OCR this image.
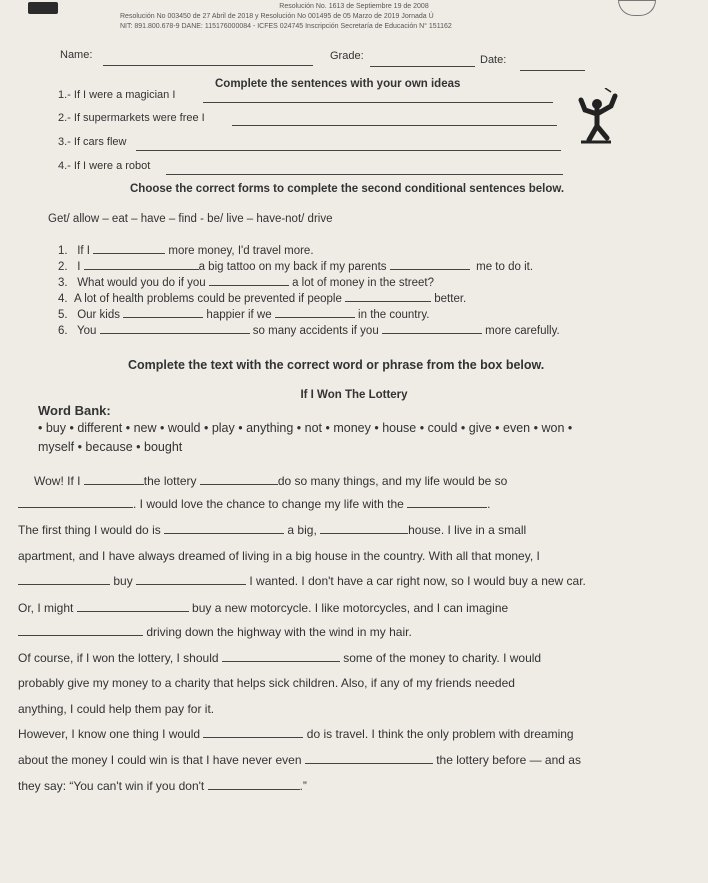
Resolución No. 1613 de Septiembre 19 de 2008
Resolución No 003450 de 27 Abril de 2018 y Resolución No 001495 de 05 Marzo de 2019 Jornada Ú
NIT: 891.800.678-9 DANE: 115176000084 - ICFES 024745 Inscripción Secretaría de Educación N° 151162
Name:	Grade:	Date:
Complete the sentences with your own ideas
1.- If I were a magician I
2.- If supermarkets were free I
3.- If cars flew
4.- If I were a robot
Choose the correct forms to complete the second conditional sentences below.
Get/ allow – eat – have – find - be/ live – have-not/ drive
1. If I	more money, I'd travel more.
2. I	a big tattoo on my back if my parents	me to do it.
3. What would you do if you	a lot of money in the street?
4. A lot of health problems could be prevented if people	better.
5. Our kids	happier if we	in the country.
6. You	so many accidents if you	more carefully.
Complete the text with the correct word or phrase from the box below.
If I Won The Lottery
Word Bank:
• buy • different • new • would • play • anything • not • money • house • could • give • even • won •
myself • because • bought
Wow! If I	the lottery	do so many things, and my life would be so
. I would love the chance to change my life with the	.
The first thing I would do is	a big,	house. I live in a small
apartment, and I have always dreamed of living in a big house in the country. With all that money, I
buy	I wanted. I don't have a car right now, so I would buy a new car.
Or, I might	buy a new motorcycle. I like motorcycles, and I can imagine
driving down the highway with the wind in my hair.
Of course, if I won the lottery, I should	some of the money to charity. I would
probably give my money to a charity that helps sick children. Also, if any of my friends needed
anything, I could help them pay for it.
However, I know one thing I would	do is travel. I think the only problem with dreaming
about the money I could win is that I have never even	the lottery before — and as
they say: “You can't win if you don't	.”
